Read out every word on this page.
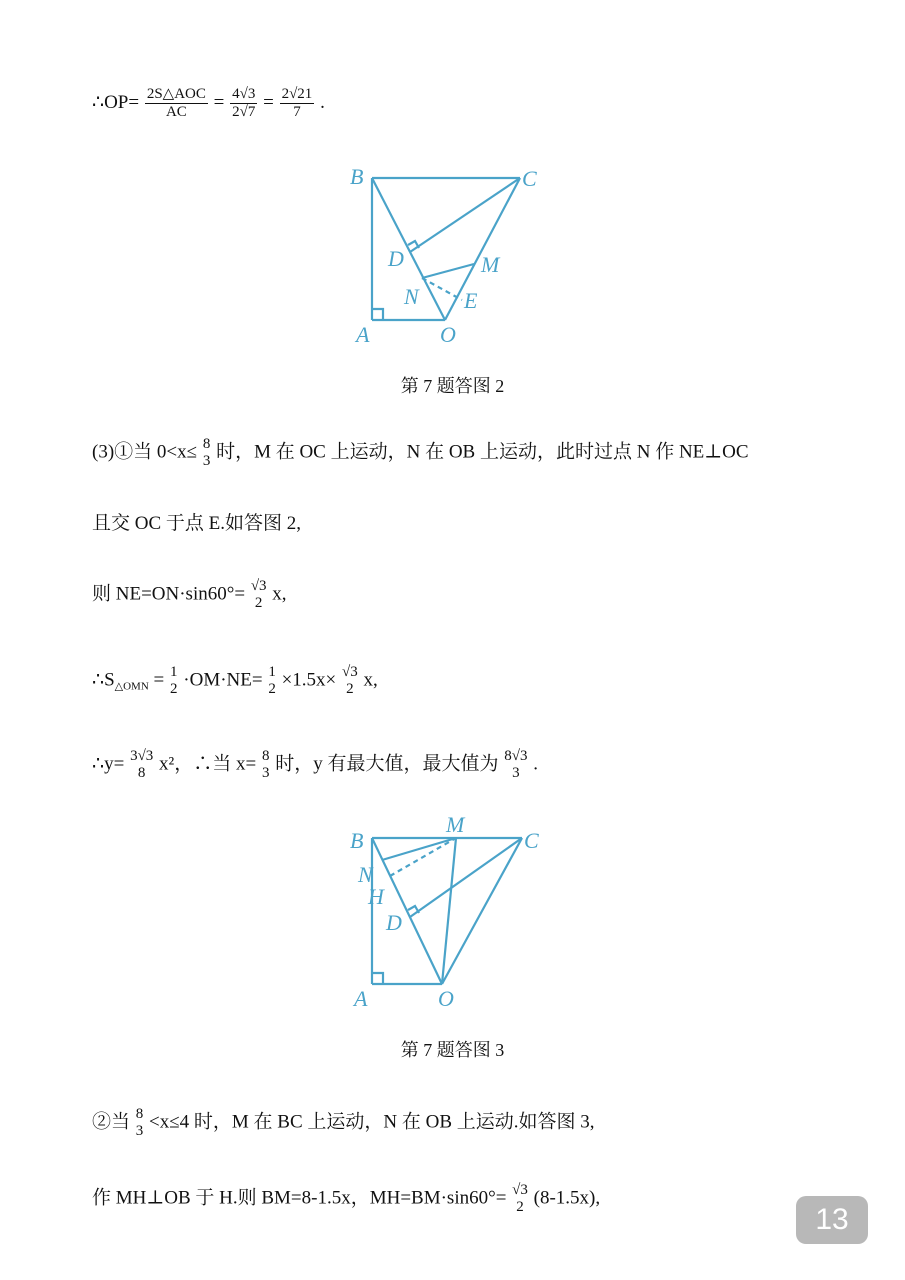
∴OP= $\frac{\text{2S△AOC}}{AC} = \frac{4√3}{2√7} = \frac{2√21}{7}$ .
B	C
D	M
N E
A	O
第 7 题答图 2
(3)①当 0<x≤ 8
3 时，M 在 OC 上运动，N 在 OB 上运动，此时过点 N 作 NE⊥OC
且交 OC 于点 E.如答图 2,
则 NE=ON·sin60°= √3
2 x,
$\therefore S_{\triangle OMN} = 1$
2 ·OM·NE= 1
2 ×1.5x× √3
2 x,
∴y= 3√3
8 x²，∴当 x= 8
3 时，y 有最大值，最大值为 8√3
3 .
B
M
C
N
H
D
A	O
第 7 题答图 3
②当 8
3 <x≤4 时，M 在 BC 上运动，N 在 OB 上运动.如答图 3,
作 MH⊥OB 于 H.则 BM=8-1.5x，MH=BM·sin60°= √3
2 (8-1.5x),
13
